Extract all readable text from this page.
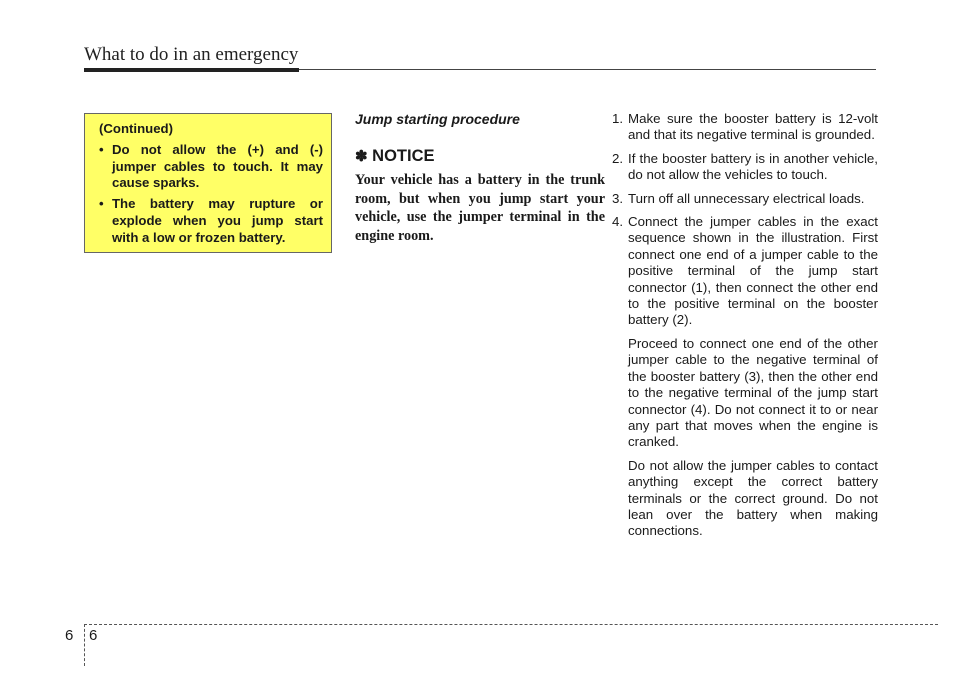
What to do in an emergency
(Continued)
• Do not allow the (+) and (-) jumper cables to touch. It may cause sparks.
• The battery may rupture or explode when you jump start with a low or frozen battery.
Jump starting procedure
✽ NOTICE
Your vehicle has a battery in the trunk room, but when you jump start your vehicle, use the jumper terminal in the engine room.
1. Make sure the booster battery is 12-volt and that its negative terminal is grounded.
2. If the booster battery is in another vehicle, do not allow the vehicles to touch.
3. Turn off all unnecessary electrical loads.
4. Connect the jumper cables in the exact sequence shown in the illustration. First connect one end of a jumper cable to the positive terminal of the jump start connector (1), then connect the other end to the positive terminal on the booster battery (2).
Proceed to connect one end of the other jumper cable to the negative terminal of the booster battery (3), then the other end to the negative terminal of the jump start connector (4). Do not connect it to or near any part that moves when the engine is cranked.
Do not allow the jumper cables to contact anything except the correct battery terminals or the correct ground. Do not lean over the battery when making connections.
6 6
